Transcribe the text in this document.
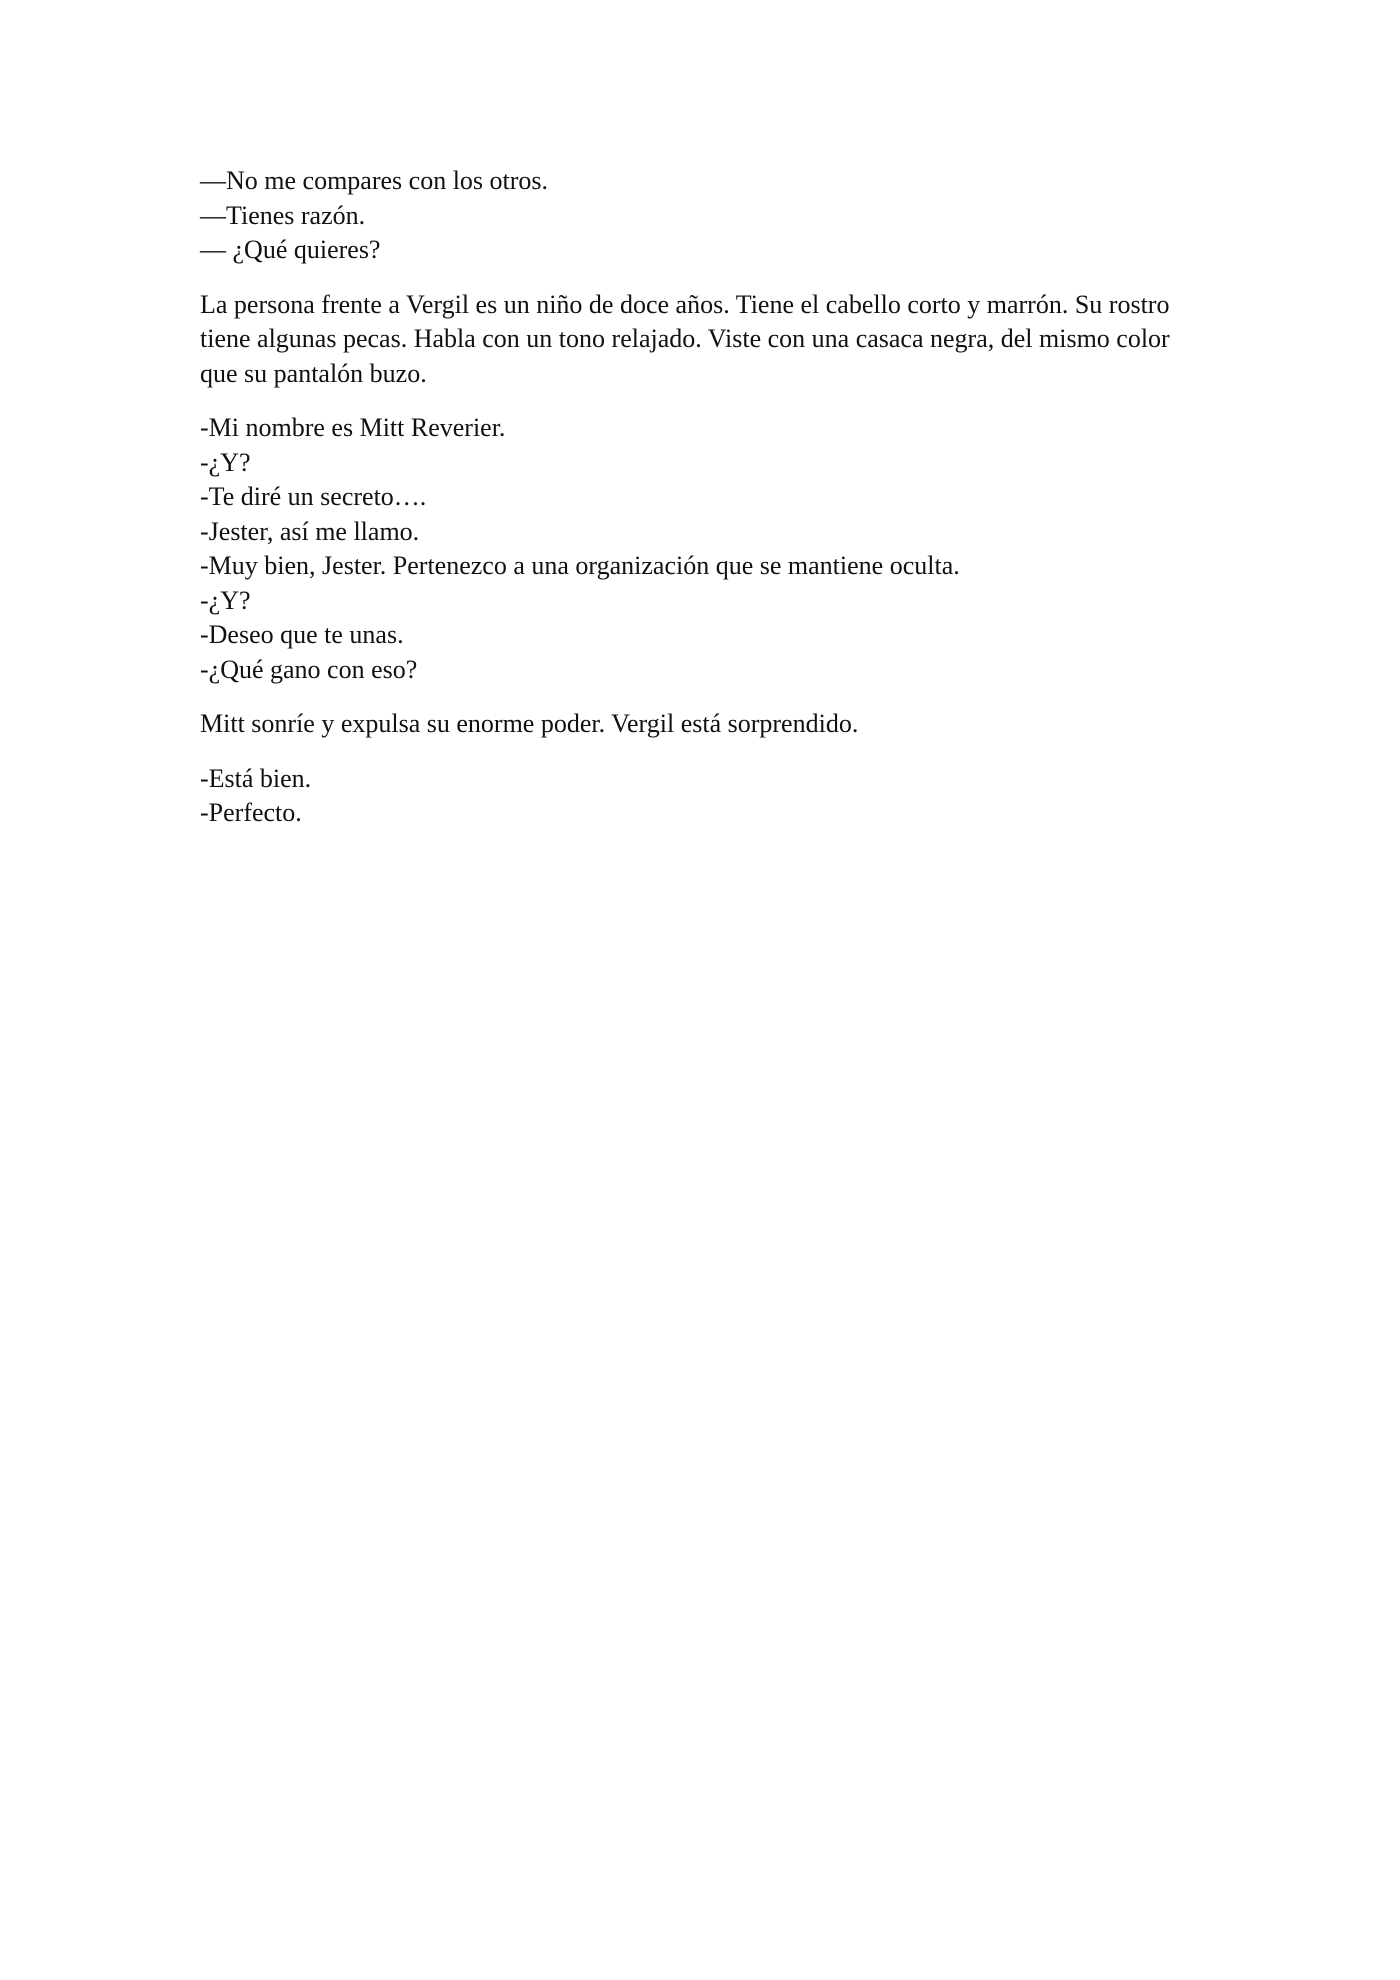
—No me compares con los otros.
—Tienes razón.
— ¿Qué quieres?
La persona frente a Vergil es un niño de doce años. Tiene el cabello corto y marrón. Su rostro tiene algunas pecas. Habla con un tono relajado. Viste con una casaca negra, del mismo color que su pantalón buzo.
-Mi nombre es Mitt Reverier.
-¿Y?
-Te diré un secreto….
-Jester, así me llamo.
-Muy bien, Jester. Pertenezco a una organización que se mantiene oculta.
-¿Y?
-Deseo que te unas.
-¿Qué gano con eso?
Mitt sonríe y expulsa su enorme poder. Vergil está sorprendido.
-Está bien.
-Perfecto.
